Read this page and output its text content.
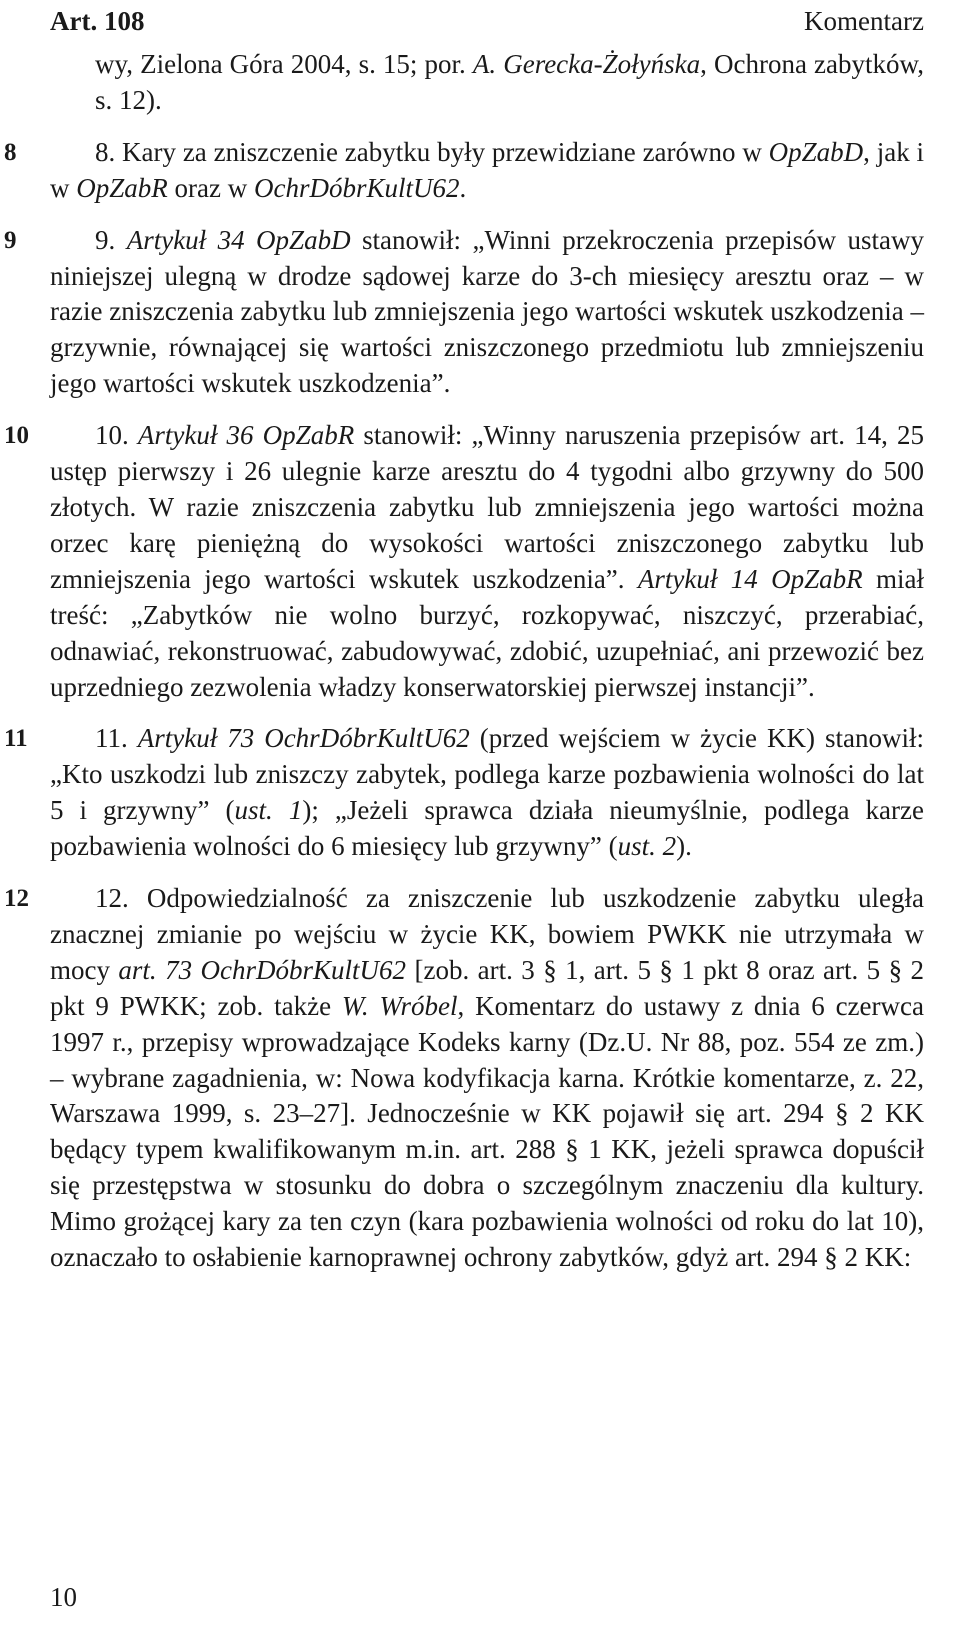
Art. 108	Komentarz

wy, Zielona Góra 2004, s. 15; por. A. Gerecka-Żołyńska, Ochrona zabytków, s. 12).

8	8. Kary za zniszczenie zabytku były przewidziane zarówno w OpZabD, jak i w OpZabR oraz w OchrDóbrKultU62.

9	9. Artykuł 34 OpZabD stanowił: „Winni przekroczenia przepisów ustawy niniejszej ulegną w drodze sądowej karze do 3-ch miesięcy aresztu oraz – w razie zniszczenia zabytku lub zmniejszenia jego wartości wskutek uszkodzenia – grzywnie, równającej się wartości zniszczonego przedmiotu lub zmniejszeniu jego wartości wskutek uszkodzenia”.

10 10. Artykuł 36 OpZabR stanowił: „Winny naruszenia przepisów art. 14, 25 ustęp pierwszy i 26 ulegnie karze aresztu do 4 tygodni albo grzywny do 500 złotych. W razie zniszczenia zabytku lub zmniejszenia jego wartości można orzec karę pieniężną do wysokości wartości zniszczonego zabytku lub zmniejszenia jego wartości wskutek uszkodzenia”. Artykuł 14 OpZabR miał treść: „Zabytków nie wolno burzyć, rozkopywać, niszczyć, przerabiać, odnawiać, rekonstruować, zabudowywać, zdobić, uzupełniać, ani przewozić bez uprzedniego zezwolenia władzy konserwatorskiej pierwszej instancji”.

11 11. Artykuł 73 OchrDóbrKultU62 (przed wejściem w życie KK) stanowił: „Kto uszkodzi lub zniszczy zabytek, podlega karze pozbawienia wolności do lat 5 i grzywny” (ust. 1); „Jeżeli sprawca działa nieumyślnie, podlega karze pozbawienia wolności do 6 miesięcy lub grzywny” (ust. 2).

12 12. Odpowiedzialność za zniszczenie lub uszkodzenie zabytku uległa znacznej zmianie po wejściu w życie KK, bowiem PWKK nie utrzymała w mocy art. 73 OchrDóbrKultU62 [zob. art. 3 § 1, art. 5 § 1 pkt 8 oraz art. 5 § 2 pkt 9 PWKK; zob. także W. Wróbel, Komentarz do ustawy z dnia 6 czerwca 1997 r., przepisy wprowadzające Kodeks karny (Dz.U. Nr 88, poz. 554 ze zm.) – wybrane zagadnienia, w: Nowa kodyfikacja karna. Krótkie komentarze, z. 22, Warszawa 1999, s. 23–27]. Jednocześnie w KK pojawił się art. 294 § 2 KK będący typem kwalifikowanym m.in. art. 288 § 1 KK, jeżeli sprawca dopuścił się przestępstwa w stosunku do dobra o szczególnym znaczeniu dla kultury. Mimo grożącej kary za ten czyn (kara pozbawienia wolności od roku do lat 10), oznaczało to osłabienie karnoprawnej ochrony zabytków, gdyż art. 294 § 2 KK:

10
